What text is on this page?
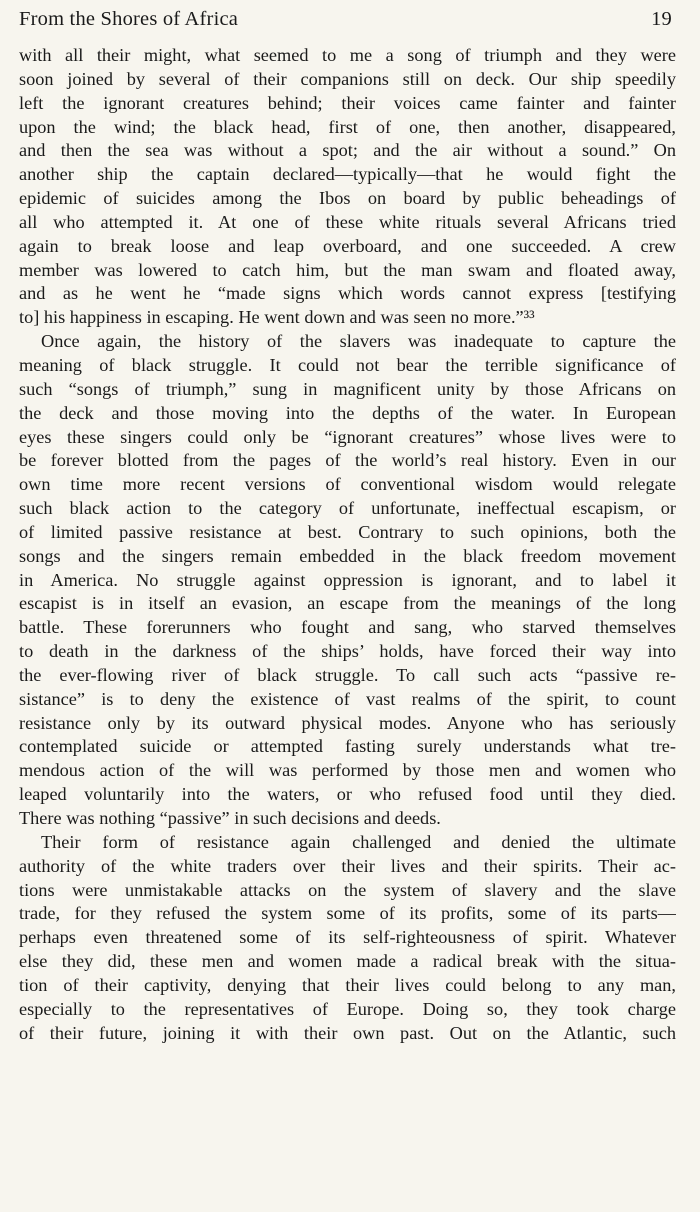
From the Shores of Africa	19
with all their might, what seemed to me a song of triumph and they were
soon joined by several of their companions still on deck. Our ship speedily
left the ignorant creatures behind; their voices came fainter and fainter
upon the wind; the black head, first of one, then another, disappeared,
and then the sea was without a spot; and the air without a sound.” On
another ship the captain declared—typically—that he would fight the
epidemic of suicides among the Ibos on board by public beheadings of
all who attempted it. At one of these white rituals several Africans tried
again to break loose and leap overboard, and one succeeded. A crew
member was lowered to catch him, but the man swam and floated away,
and as he went he “made signs which words cannot express [testifying
to] his happiness in escaping. He went down and was seen no more.”³³
Once again, the history of the slavers was inadequate to capture the
meaning of black struggle. It could not bear the terrible significance of
such “songs of triumph,” sung in magnificent unity by those Africans on
the deck and those moving into the depths of the water. In European
eyes these singers could only be “ignorant creatures” whose lives were to
be forever blotted from the pages of the world’s real history. Even in our
own time more recent versions of conventional wisdom would relegate
such black action to the category of unfortunate, ineffectual escapism, or
of limited passive resistance at best. Contrary to such opinions, both the
songs and the singers remain embedded in the black freedom movement
in America. No struggle against oppression is ignorant, and to label it
escapist is in itself an evasion, an escape from the meanings of the long
battle. These forerunners who fought and sang, who starved themselves
to death in the darkness of the ships’ holds, have forced their way into
the ever-flowing river of black struggle. To call such acts “passive re-
sistance” is to deny the existence of vast realms of the spirit, to count
resistance only by its outward physical modes. Anyone who has seriously
contemplated suicide or attempted fasting surely understands what tre-
mendous action of the will was performed by those men and women who
leaped voluntarily into the waters, or who refused food until they died.
There was nothing “passive” in such decisions and deeds.
Their form of resistance again challenged and denied the ultimate
authority of the white traders over their lives and their spirits. Their ac-
tions were unmistakable attacks on the system of slavery and the slave
trade, for they refused the system some of its profits, some of its parts—
perhaps even threatened some of its self-righteousness of spirit. Whatever
else they did, these men and women made a radical break with the situa-
tion of their captivity, denying that their lives could belong to any man,
especially to the representatives of Europe. Doing so, they took charge
of their future, joining it with their own past. Out on the Atlantic, such
